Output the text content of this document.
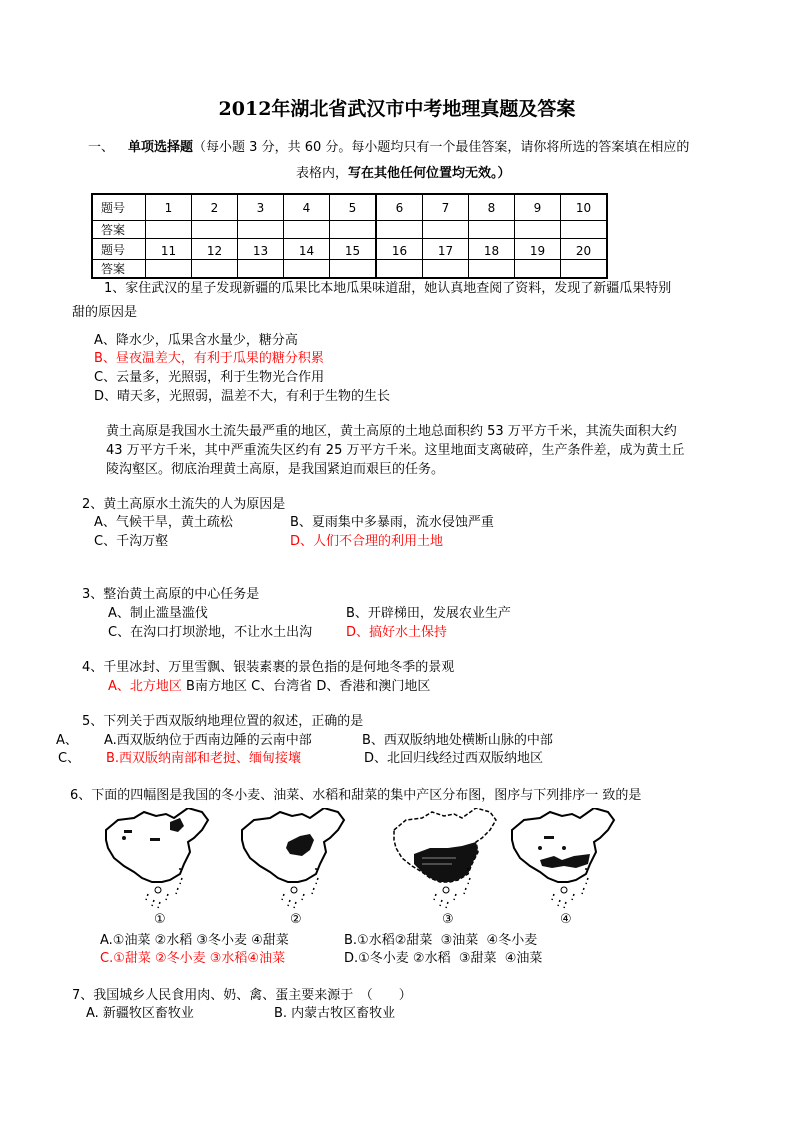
2012年湖北省武汉市中考地理真题及答案
一、 单项选择题（每小题 3 分，共 60 分。每小题均只有一个最佳答案，请你将所选的答案填在相应的
表格内，写在其他任何位置均无效。）
题号	1	2	3	4	5	6	7	8	9	10
答案										
题号	11	12	13	14	15	16	17	18	19	20
答案										
1、家住武汉的星子发现新疆的瓜果比本地瓜果味道甜，她认真地查阅了资料，发现了新疆瓜果特别
甜的原因是
A、降水少，瓜果含水量少，糖分高
B、昼夜温差大，有利于瓜果的糖分积累
C、云量多，光照弱，利于生物光合作用
D、晴天多，光照弱，温差不大，有利于生物的生长
黄土高原是我国水土流失最严重的地区，黄土高原的土地总面积约 53 万平方千米，其流失面积大约
43 万平方千米，其中严重流失区约有 25 万平方千米。这里地面支离破碎，生产条件差，成为黄土丘
陵沟壑区。彻底治理黄土高原，是我国紧迫而艰巨的任务。
2、黄土高原水土流失的人为原因是
A、气候干旱，黄土疏松	B、夏雨集中多暴雨，流水侵蚀严重
C、千沟万壑	D、人们不合理的利用土地
3、整治黄土高原的中心任务是
A、制止滥垦滥伐	B、开辟梯田，发展农业生产
C、在沟口打坝淤地，不让水土出沟	D、搞好水土保持
4、千里冰封、万里雪飘、银装素裹的景色指的是何地冬季的景观
A、北方地区 B南方地区 C、台湾省 D、香港和澳门地区
5、下列关于西双版纳地理位置的叙述，正确的是
A、 A.西双版纳位于西南边陲的云南中部	B、西双版纳地处横断山脉的中部
C、 B.西双版纳南部和老挝、缅甸接壤	D、北回归线经过西双版纳地区
6、下面的四幅图是我国的冬小麦、油菜、水稻和甜菜的集中产区分布图，图序与下列排序一 致的是
①	②	③	④
A.①油菜 ②水稻 ③冬小麦 ④甜菜	B.①水稻②甜菜  ③油菜  ④冬小麦
C.①甜菜 ②冬小麦 ③水稻④油菜	D.①冬小麦 ②水稻  ③甜菜  ④油菜
7、我国城乡人民食用肉、奶、禽、蛋主要来源于　（　　）
A. 新疆牧区畜牧业	B. 内蒙古牧区畜牧业
